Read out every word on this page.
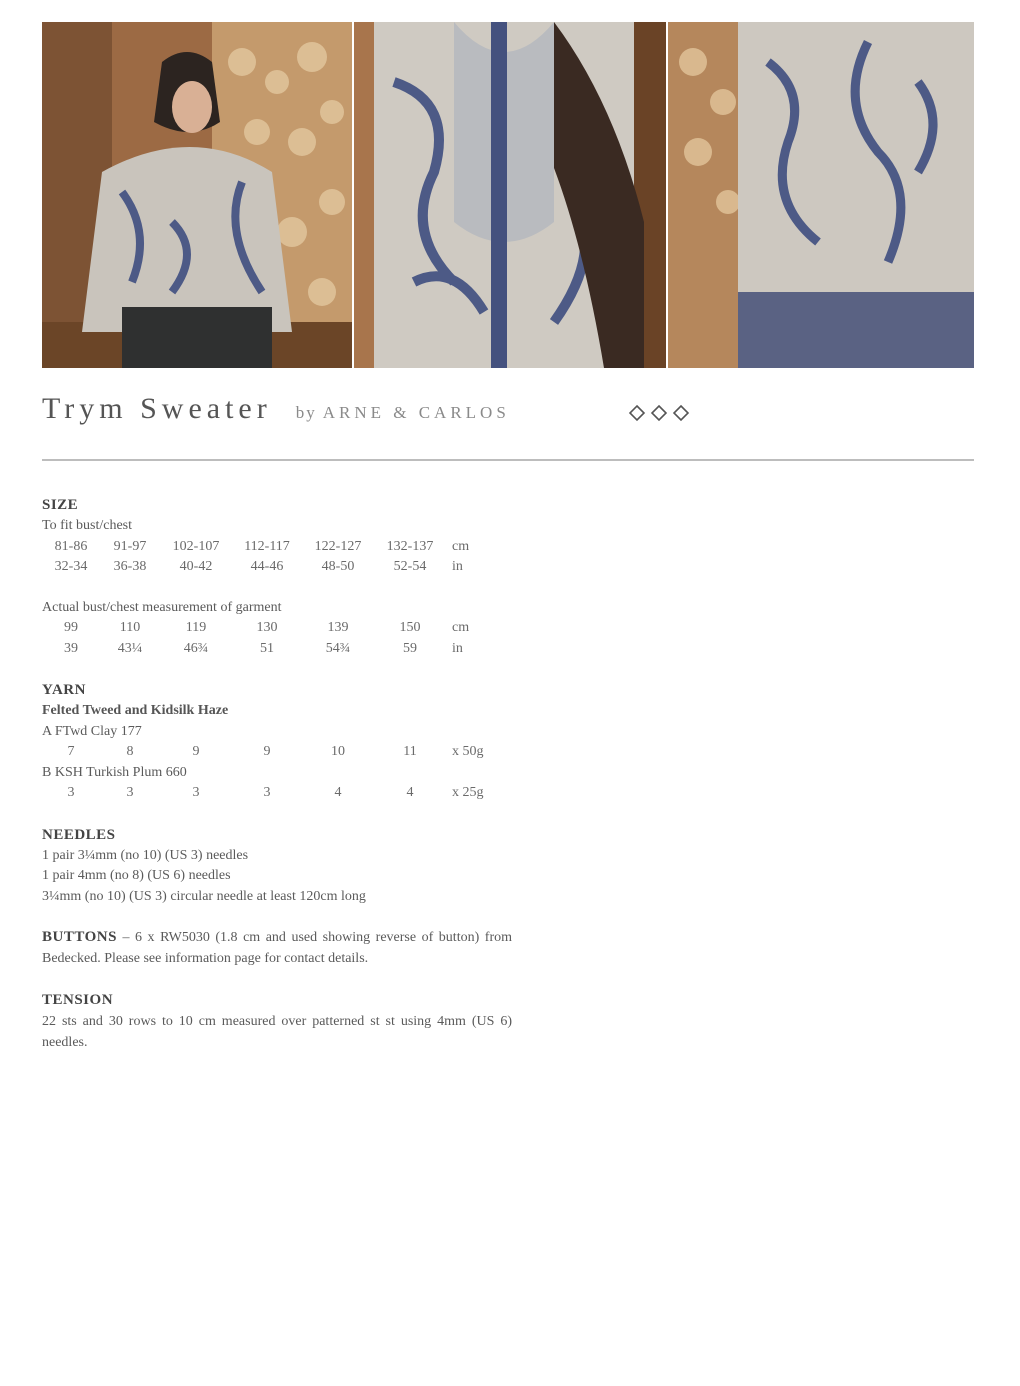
Trym Sweater by ARNE & CARLOS
SIZE
To fit bust/chest
81-86	91-97	102-107	112-117	122-127	132-137	cm
32-34	36-38	40-42	44-46	48-50	52-54	in
Actual bust/chest measurement of garment
99	110	119	130	139	150	cm
39	43¼	46¾	51	54¾	59	in
YARN
Felted Tweed and Kidsilk Haze
A FTwd Clay 177
7	8	9	9	10	11	x 50g
B KSH Turkish Plum 660
3	3	3	3	4	4	x 25g
NEEDLES
1 pair 3¼mm (no 10) (US 3) needles
1 pair 4mm (no 8) (US 6) needles
3¼mm (no 10) (US 3) circular needle at least 120cm long
BUTTONS – 6 x RW5030 (1.8 cm and used showing reverse of button) from Bedecked. Please see information page for contact details.
TENSION
22 sts and 30 rows to 10 cm measured over patterned st st using 4mm (US 6) needles.
